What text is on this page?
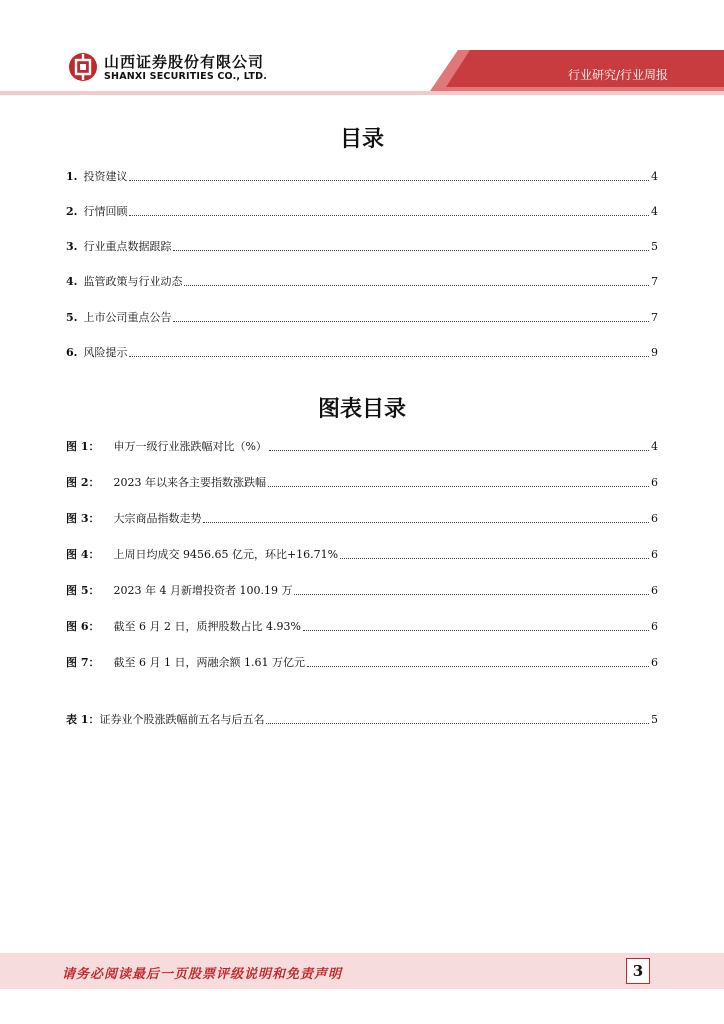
山西证券股份有限公司
SHANXI SECURITIES CO., LTD.	行业研究/行业周报
目录
1. 投资建议	4
2. 行情回顾	4
3. 行业重点数据跟踪	5
4. 监管政策与行业动态	7
5. 上市公司重点公告	7
6. 风险提示	9
图表目录
图 1： 申万一级行业涨跌幅对比（%）	4
图 2： 2023 年以来各主要指数涨跌幅	6
图 3： 大宗商品指数走势	6
图 4： 上周日均成交 9456.65 亿元，环比+16.71%	6
图 5： 2023 年 4 月新增投资者 100.19 万	6
图 6： 截至 6 月 2 日，质押股数占比 4.93%	6
图 7： 截至 6 月 1 日，两融余额 1.61 万亿元	6
表 1：证券业个股涨跌幅前五名与后五名	5
请务必阅读最后一页股票评级说明和免责声明	3
